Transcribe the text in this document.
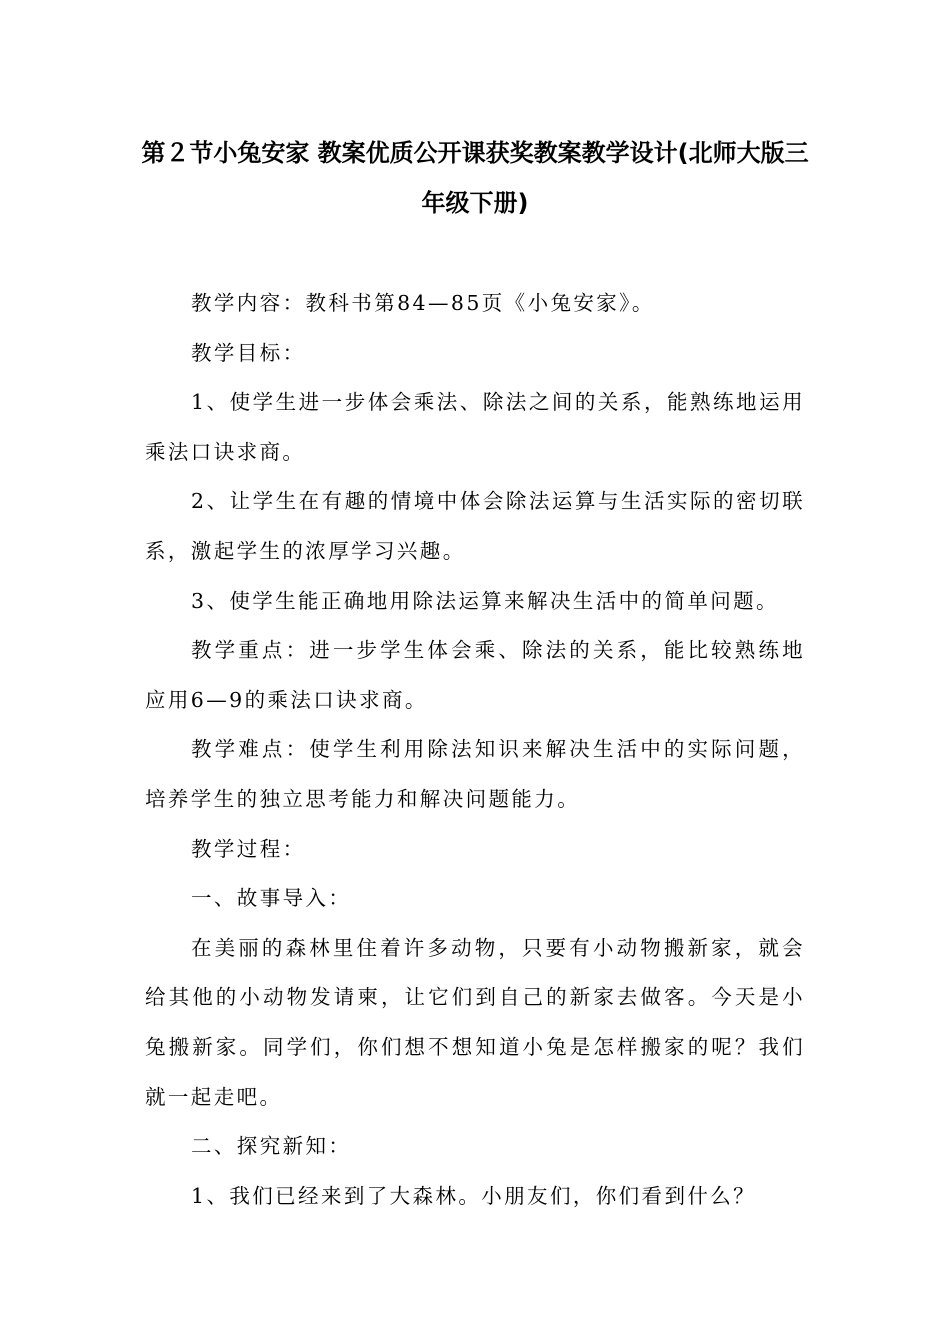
第２节小兔安家 教案优质公开课获奖教案教学设计(北师大版三年级下册)

教学内容：教科书第84—85页《小兔安家》。

教学目标：

1、使学生进一步体会乘法、除法之间的关系，能熟练地运用乘法口诀求商。

2、让学生在有趣的情境中体会除法运算与生活实际的密切联系，激起学生的浓厚学习兴趣。

3、使学生能正确地用除法运算来解决生活中的简单问题。

教学重点：进一步学生体会乘、除法的关系，能比较熟练地应用6—9的乘法口诀求商。

教学难点：使学生利用除法知识来解决生活中的实际问题，培养学生的独立思考能力和解决问题能力。

教学过程：

一、故事导入：

在美丽的森林里住着许多动物，只要有小动物搬新家，就会给其他的小动物发请柬，让它们到自己的新家去做客。今天是小兔搬新家。同学们，你们想不想知道小兔是怎样搬家的呢？我们就一起走吧。

二、探究新知：

1、我们已经来到了大森林。小朋友们，你们看到什么？
